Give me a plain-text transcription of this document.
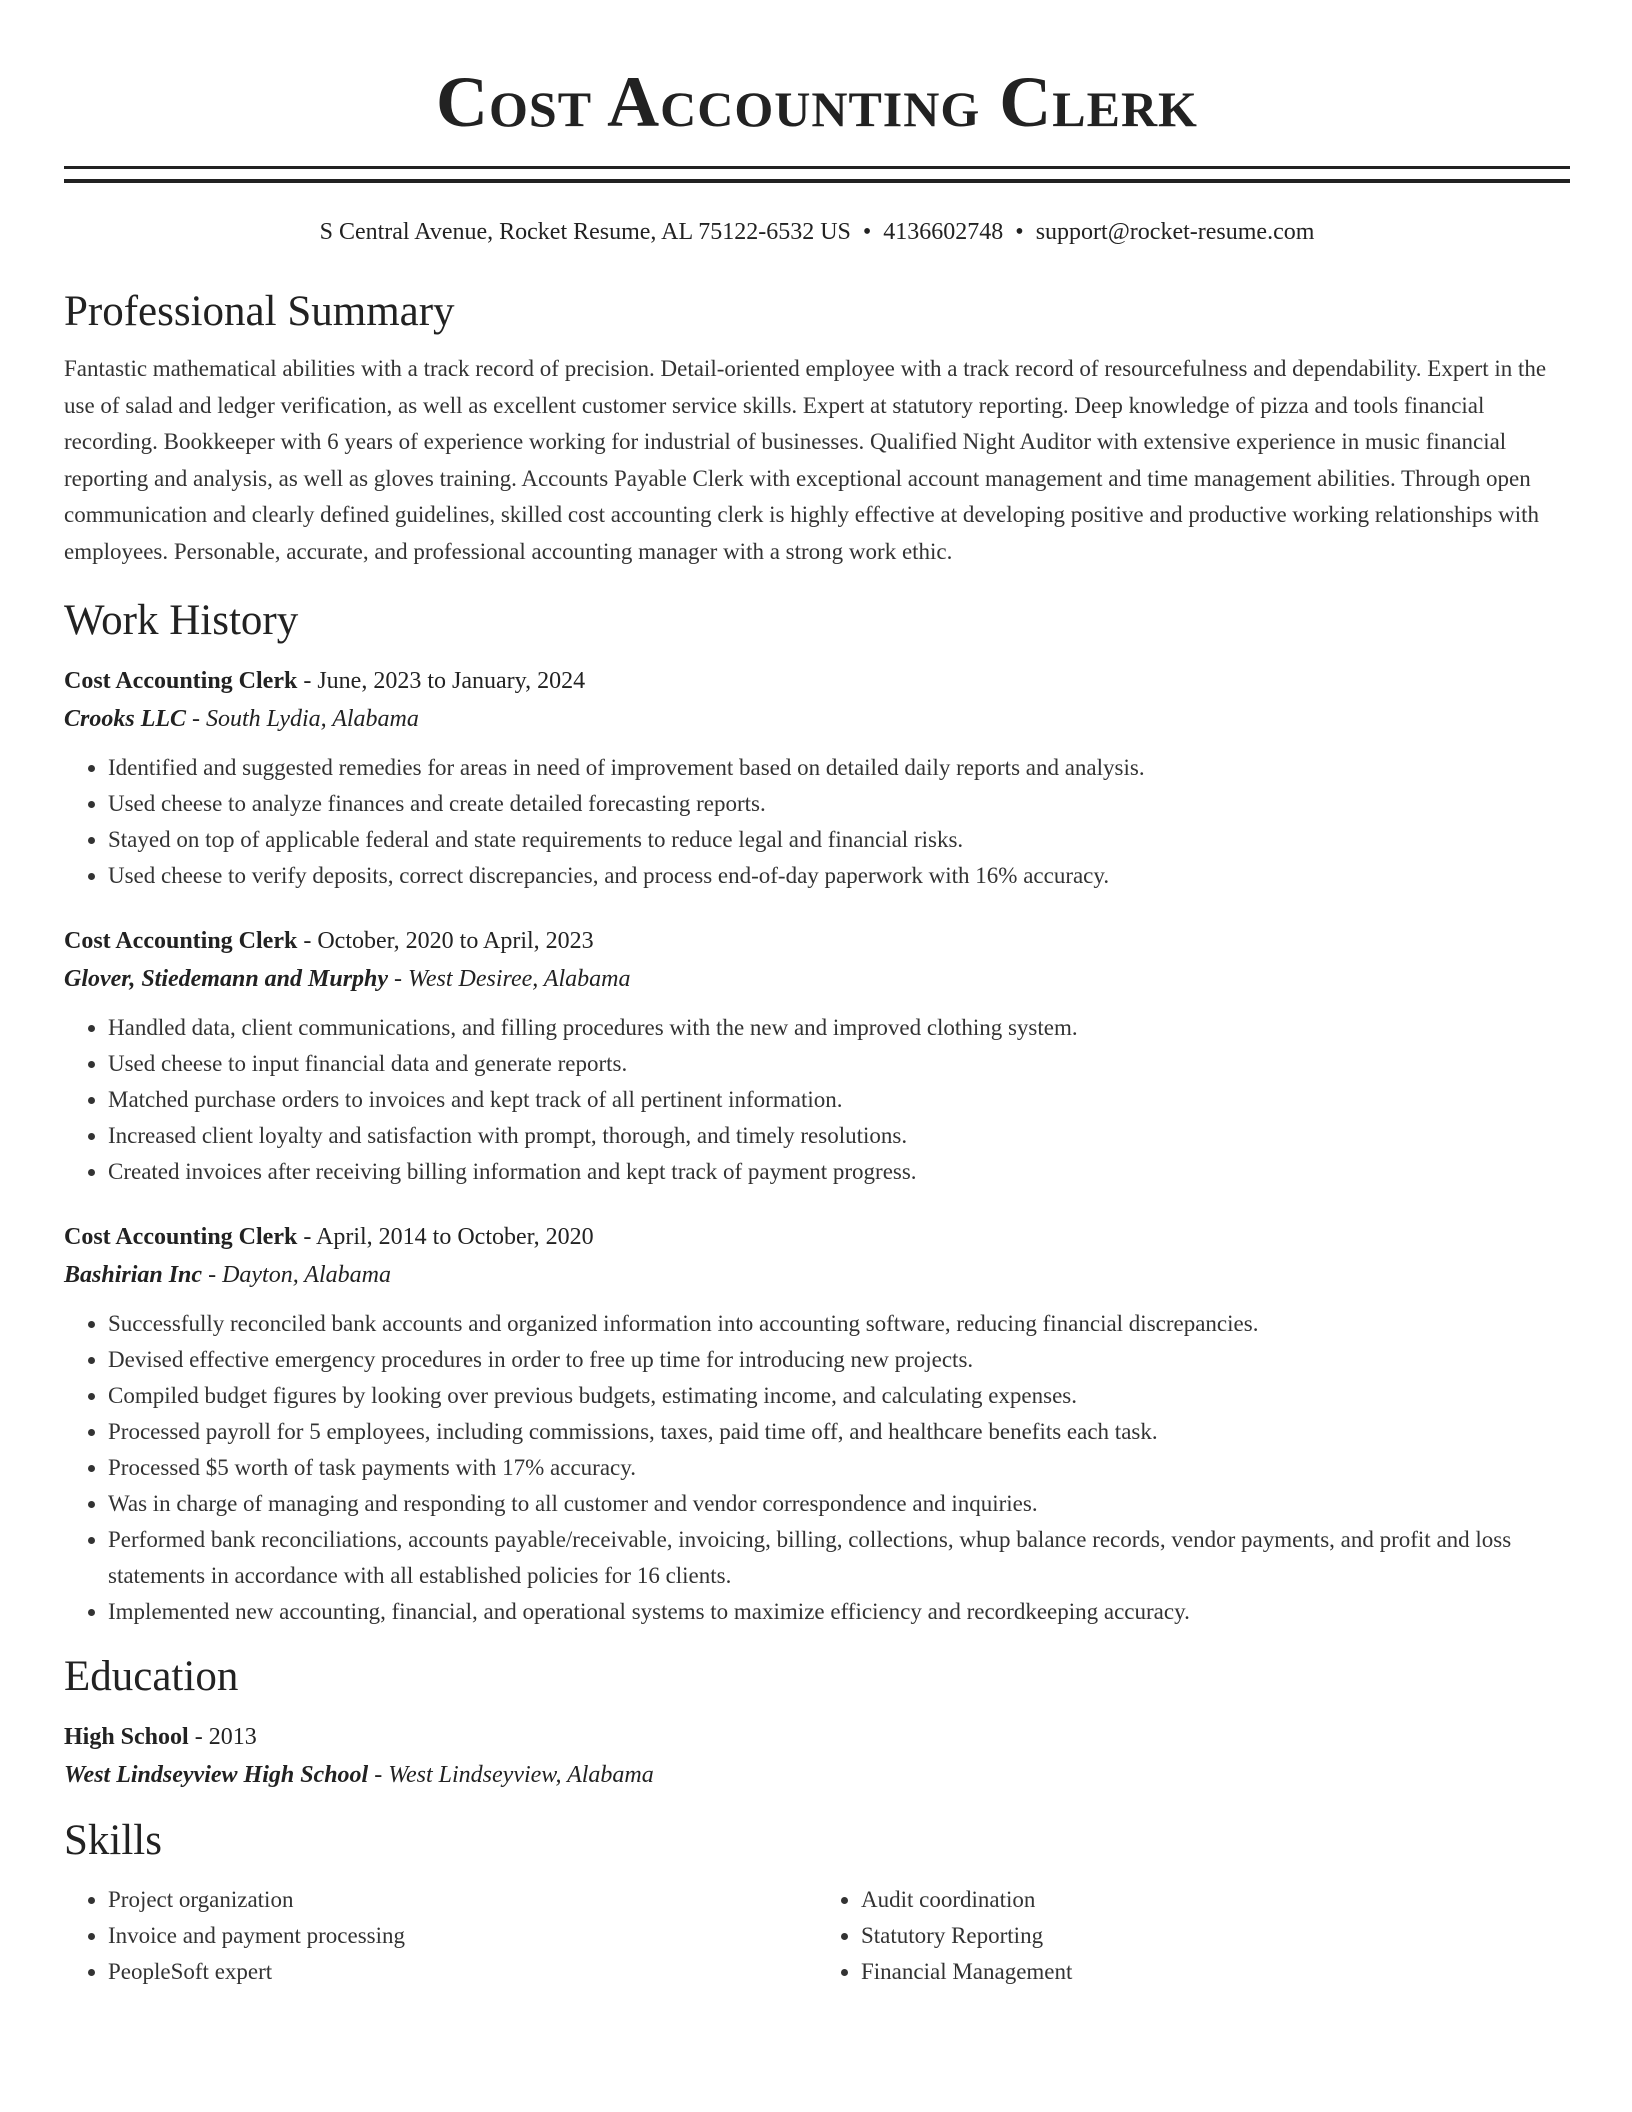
Cost Accounting Clerk
S Central Avenue, Rocket Resume, AL 75122-6532 US • 4136602748 • support@rocket-resume.com
Professional Summary

Fantastic mathematical abilities with a track record of precision. Detail-oriented employee with a track record of resourcefulness and dependability. Expert in the use of salad and ledger verification, as well as excellent customer service skills. Expert at statutory reporting. Deep knowledge of pizza and tools financial recording. Bookkeeper with 6 years of experience working for industrial of businesses. Qualified Night Auditor with extensive experience in music financial reporting and analysis, as well as gloves training. Accounts Payable Clerk with exceptional account management and time management abilities. Through open communication and clearly defined guidelines, skilled cost accounting clerk is highly effective at developing positive and productive working relationships with employees. Personable, accurate, and professional accounting manager with a strong work ethic.

Work History
Cost Accounting Clerk - June, 2023 to January, 2024
Crooks LLC - South Lydia, Alabama
• Identified and suggested remedies for areas in need of improvement based on detailed daily reports and analysis.
• Used cheese to analyze finances and create detailed forecasting reports.
• Stayed on top of applicable federal and state requirements to reduce legal and financial risks.
• Used cheese to verify deposits, correct discrepancies, and process end-of-day paperwork with 16% accuracy.
Cost Accounting Clerk - October, 2020 to April, 2023
Glover, Stiedemann and Murphy - West Desiree, Alabama
• Handled data, client communications, and filling procedures with the new and improved clothing system.
• Used cheese to input financial data and generate reports.
• Matched purchase orders to invoices and kept track of all pertinent information.
• Increased client loyalty and satisfaction with prompt, thorough, and timely resolutions.
• Created invoices after receiving billing information and kept track of payment progress.
Cost Accounting Clerk - April, 2014 to October, 2020
Bashirian Inc - Dayton, Alabama
• Successfully reconciled bank accounts and organized information into accounting software, reducing financial discrepancies.
• Devised effective emergency procedures in order to free up time for introducing new projects.
• Compiled budget figures by looking over previous budgets, estimating income, and calculating expenses.
• Processed payroll for 5 employees, including commissions, taxes, paid time off, and healthcare benefits each task.
• Processed $5 worth of task payments with 17% accuracy.
• Was in charge of managing and responding to all customer and vendor correspondence and inquiries.
• Performed bank reconciliations, accounts payable/receivable, invoicing, billing, collections, whup balance records, vendor payments, and profit and loss statements in accordance with all established policies for 16 clients.
• Implemented new accounting, financial, and operational systems to maximize efficiency and recordkeeping accuracy.
Education
High School - 2013
West Lindseyview High School - West Lindseyview, Alabama
Skills
• Project organization
• Invoice and payment processing
• PeopleSoft expert
• Audit coordination
• Statutory Reporting
• Financial Management
